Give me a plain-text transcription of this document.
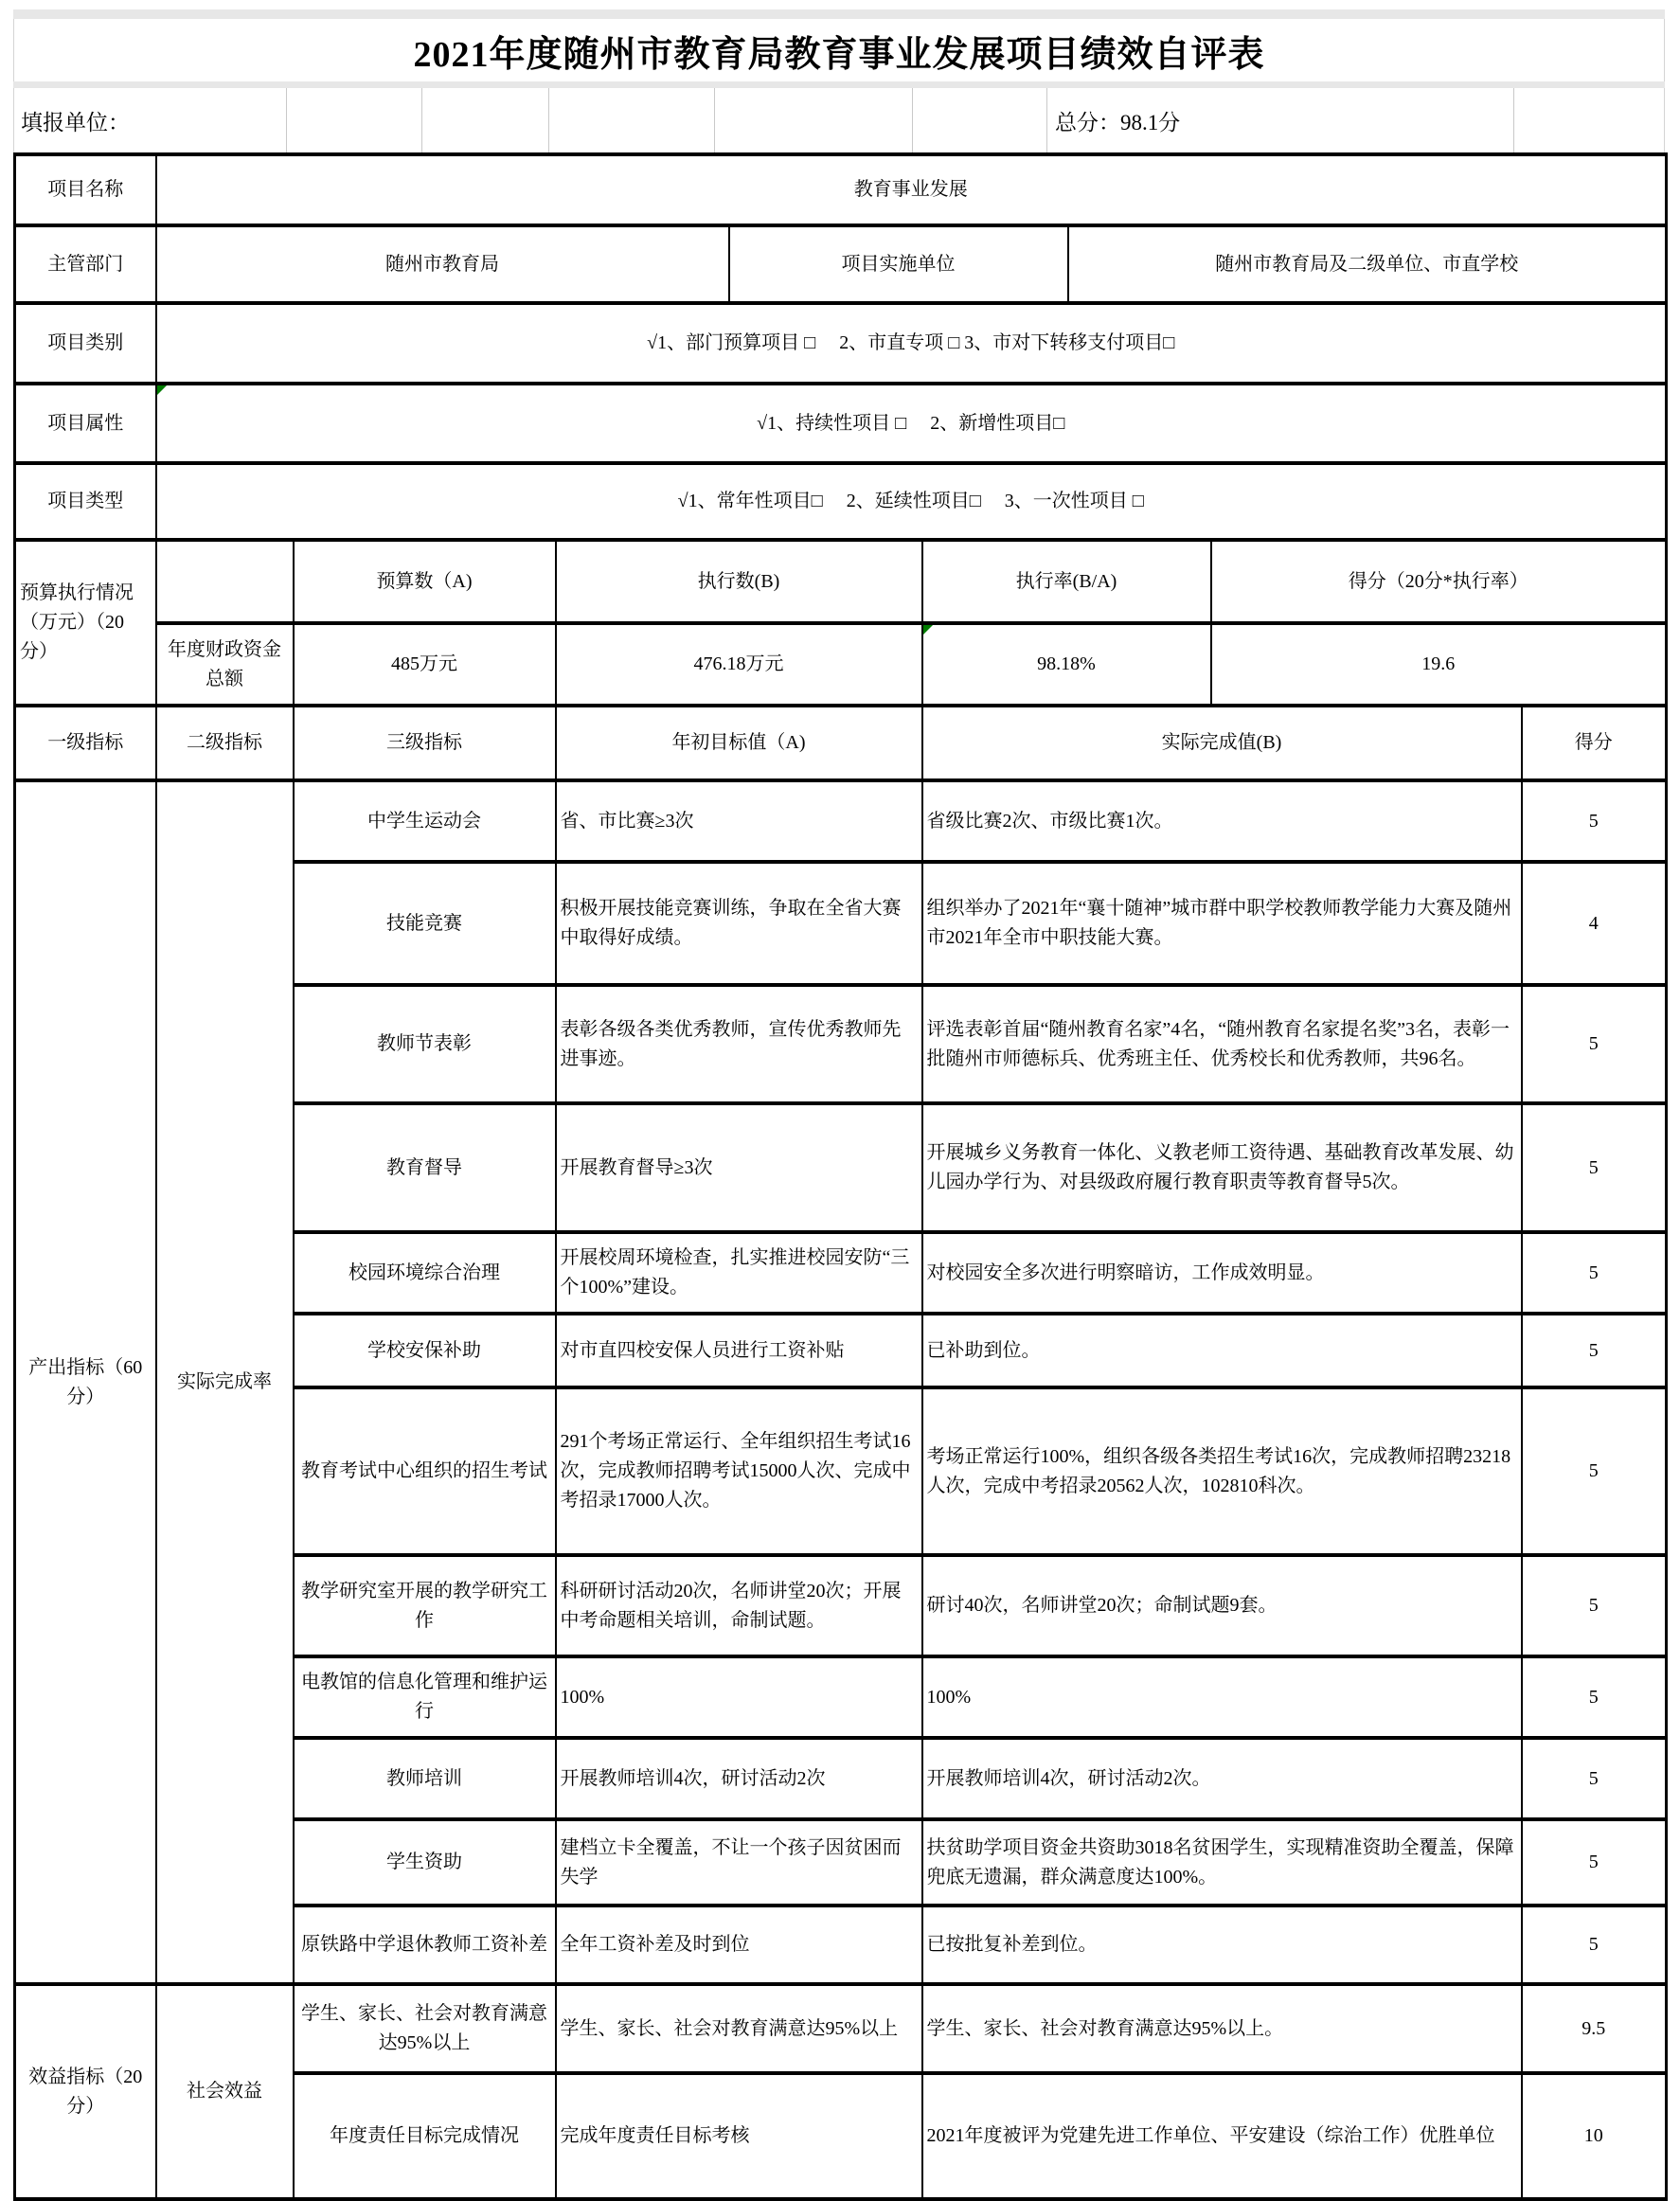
2021年度随州市教育局教育事业发展项目绩效自评表
填报单位：	总分：98.1分
项目名称	教育事业发展							
主管部门	随州市教育局			项目实施单位		随州市教育局及二级单位、市直学校		
项目类别	√1、部门预算项目 □　 2、市直专项 □ 3、市对下转移支付项目□							
项目属性	√1、持续性项目 □　 2、新增性项目□							
项目类型	√1、常年性项目□　 2、延续性项目□　 3、一次性项目 □							
预算执行情况（万元）（20分）		预算数（A)	执行数(B)		执行率(B/A)		得分（20分*执行率）	
	年度财政资金总额	485万元	476.18万元		98.18%		19.6	
一级指标	二级指标	三级指标	年初目标值（A)		实际完成值(B)			得分
产出指标（60分）	实际完成率	中学生运动会	省、市比赛≥3次		省级比赛2次、市级比赛1次。			5
		技能竞赛	积极开展技能竞赛训练，争取在全省大赛中取得好成绩。		组织举办了2021年“襄十随神”城市群中职学校教师教学能力大赛及随州市2021年全市中职技能大赛。			4
		教师节表彰	表彰各级各类优秀教师，宣传优秀教师先进事迹。		评选表彰首届“随州教育名家”4名，“随州教育名家提名奖”3名，表彰一批随州市师德标兵、优秀班主任、优秀校长和优秀教师，共96名。			5
		教育督导	开展教育督导≥3次		开展城乡义务教育一体化、义教老师工资待遇、基础教育改革发展、幼儿园办学行为、对县级政府履行教育职责等教育督导5次。			5
		校园环境综合治理	开展校周环境检查，扎实推进校园安防“三个100%”建设。		对校园安全多次进行明察暗访，工作成效明显。			5
		学校安保补助	对市直四校安保人员进行工资补贴		已补助到位。			5
		教育考试中心组织的招生考试	291个考场正常运行、全年组织招生考试16次，完成教师招聘考试15000人次、完成中考招录17000人次。		考场正常运行100%，组织各级各类招生考试16次，完成教师招聘23218人次，完成中考招录20562人次，102810科次。			5
		教学研究室开展的教学研究工作	科研研讨活动20次，名师讲堂20次；开展中考命题相关培训，命制试题。		研讨40次，名师讲堂20次；命制试题9套。			5
		电教馆的信息化管理和维护运行	100%		100%			5
		教师培训	开展教师培训4次，研讨活动2次		开展教师培训4次，研讨活动2次。			5
		学生资助	建档立卡全覆盖，不让一个孩子因贫困而失学		扶贫助学项目资金共资助3018名贫困学生，实现精准资助全覆盖，保障兜底无遗漏，群众满意度达100%。			5
		原铁路中学退休教师工资补差	全年工资补差及时到位		已按批复补差到位。			5
效益指标（20分）	社会效益	学生、家长、社会对教育满意达95%以上	学生、家长、社会对教育满意达95%以上		学生、家长、社会对教育满意达95%以上。			9.5
		年度责任目标完成情况	完成年度责任目标考核		2021年度被评为党建先进工作单位、平安建设（综治工作）优胜单位			10
